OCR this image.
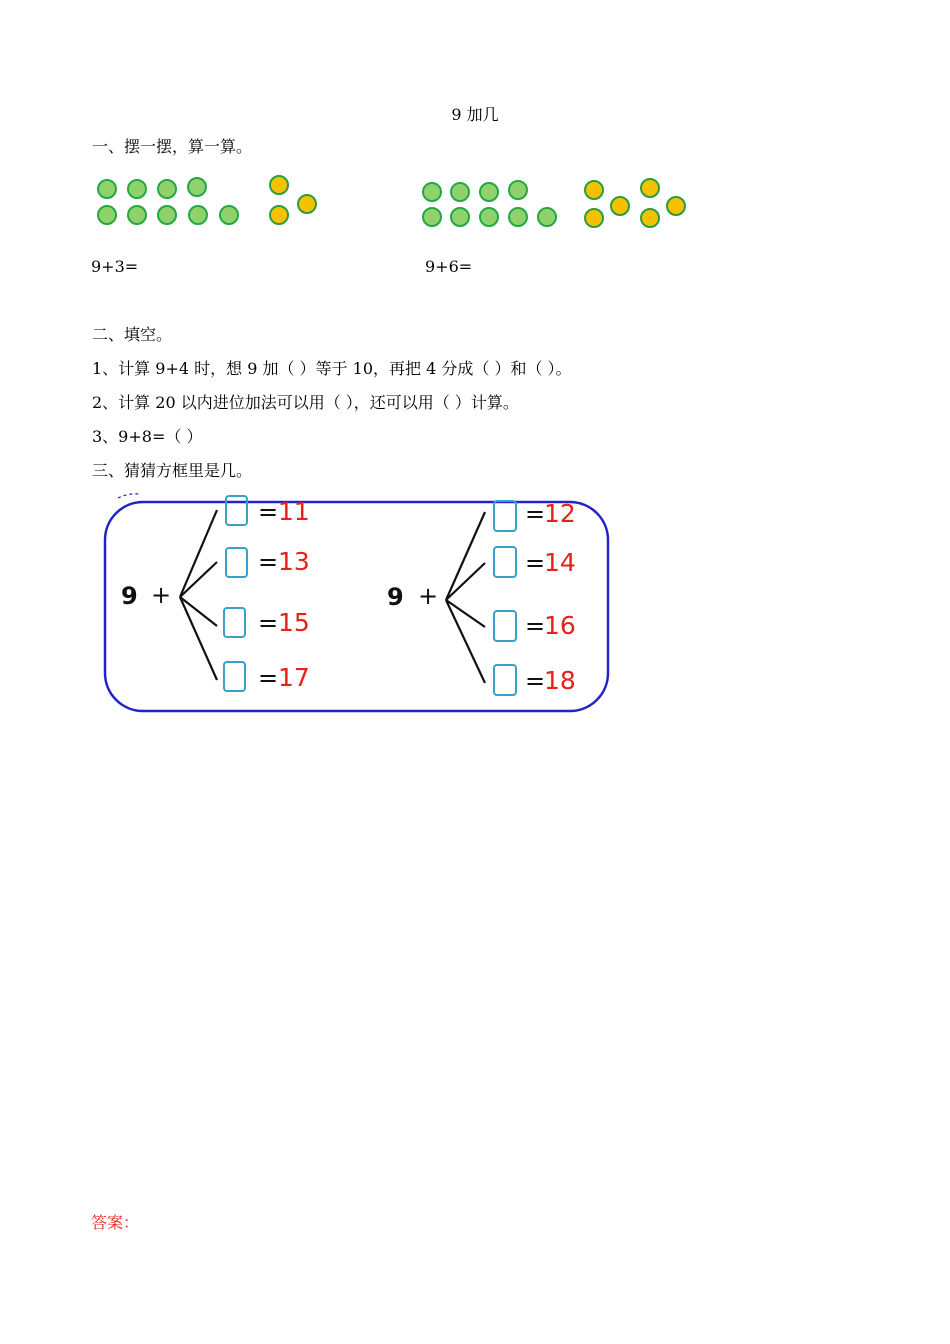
9 加几
一、摆一摆，算一算。
9+3=	9+6=
二、填空。
1、计算 9+4 时，想 9 加（ ）等于 10，再把 4 分成（ ）和（ ）。
2、计算 20 以内进位加法可以用（ ），还可以用（ ）计算。
3、9+8=（ ）
三、猜猜方框里是几。
9 +
= 11
= 13
= 15
= 17
9 +
=
12
=
14
=
16
=
18
答案：
